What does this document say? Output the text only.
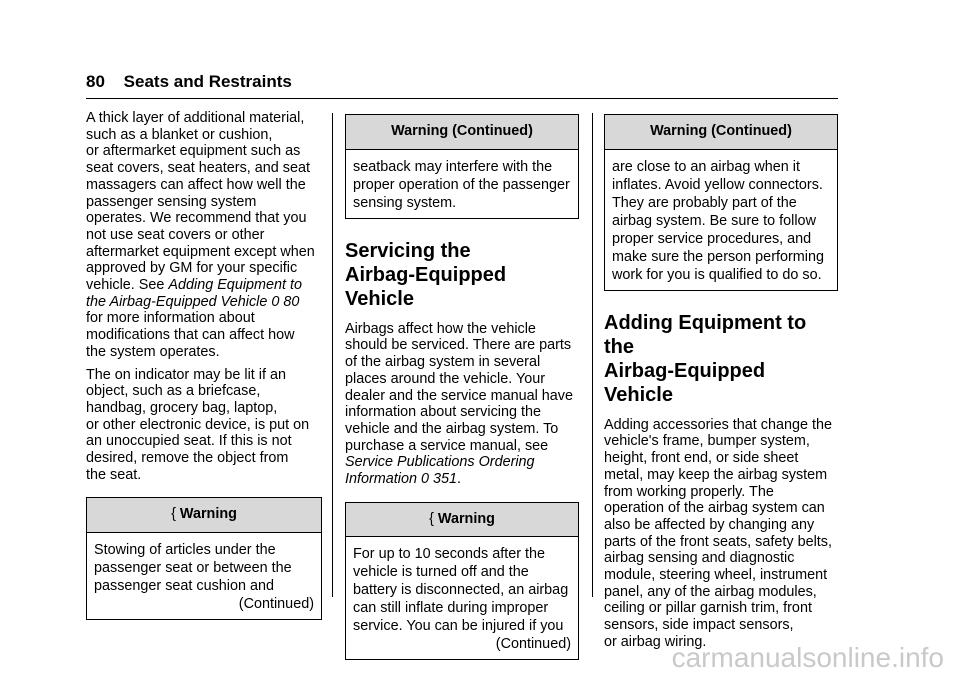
80 Seats and Restraints

A thick layer of additional material,
such as a blanket or cushion,
or aftermarket equipment such as
seat covers, seat heaters, and seat
massagers can affect how well the
passenger sensing system
operates. We recommend that you
not use seat covers or other
aftermarket equipment except when
approved by GM for your specific
vehicle. See Adding Equipment to
the Airbag-Equipped Vehicle 0 80
for more information about
modifications that can affect how
the system operates.

The on indicator may be lit if an
object, such as a briefcase,
handbag, grocery bag, laptop,
or other electronic device, is put on
an unoccupied seat. If this is not
desired, remove the object from
the seat.

{ Warning
Stowing of articles under the
passenger seat or between the
passenger seat cushion and
(Continued)
Warning (Continued)
seatback may interfere with the
proper operation of the passenger
sensing system.
Servicing the
Airbag-Equipped Vehicle

Airbags affect how the vehicle
should be serviced. There are parts
of the airbag system in several
places around the vehicle. Your
dealer and the service manual have
information about servicing the
vehicle and the airbag system. To
purchase a service manual, see
Service Publications Ordering
Information 0 351.

{ Warning
For up to 10 seconds after the
vehicle is turned off and the
battery is disconnected, an airbag
can still inflate during improper
service. You can be injured if you
(Continued)
Warning (Continued)
are close to an airbag when it
inflates. Avoid yellow connectors.
They are probably part of the
airbag system. Be sure to follow
proper service procedures, and
make sure the person performing
work for you is qualified to do so.
Adding Equipment to the
Airbag-Equipped Vehicle

Adding accessories that change the
vehicle's frame, bumper system,
height, front end, or side sheet
metal, may keep the airbag system
from working properly. The
operation of the airbag system can
also be affected by changing any
parts of the front seats, safety belts,
airbag sensing and diagnostic
module, steering wheel, instrument
panel, any of the airbag modules,
ceiling or pillar garnish trim, front
sensors, side impact sensors,
or airbag wiring.

carmanualsonline.info
